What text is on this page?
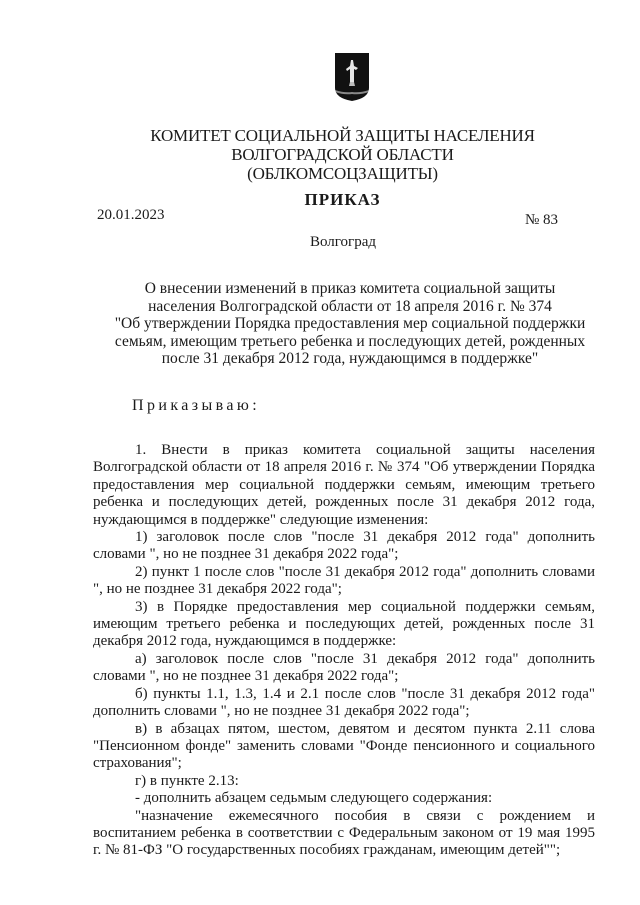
КОМИТЕТ СОЦИАЛЬНОЙ ЗАЩИТЫ НАСЕЛЕНИЯ
ВОЛГОГРАДСКОЙ ОБЛАСТИ
(ОБЛКОМСОЦЗАЩИТЫ)
ПРИКАЗ
20.01.2023	№ 83
Волгоград
О внесении изменений в приказ комитета социальной защиты
населения Волгоградской области от 18 апреля 2016 г. № 374
"Об утверждении Порядка предоставления мер социальной поддержки
семьям, имеющим третьего ребенка и последующих детей, рожденных
после 31 декабря 2012 года, нуждающимся в поддержке"
Приказываю:

1. Внести в приказ комитета социальной защиты населения Волгоградской области от 18 апреля 2016 г. № 374 "Об утверждении Порядка предоставления мер социальной поддержки семьям, имеющим третьего ребенка и последующих детей, рожденных после 31 декабря 2012 года, нуждающимся в поддержке" следующие изменения:

1) заголовок после слов "после 31 декабря 2012 года" дополнить словами ", но не позднее 31 декабря 2022 года";

2) пункт 1 после слов "после 31 декабря 2012 года" дополнить словами ", но не позднее 31 декабря 2022 года";

3) в Порядке предоставления мер социальной поддержки семьям, имеющим третьего ребенка и последующих детей, рожденных после 31 декабря 2012 года, нуждающимся в поддержке:

а) заголовок после слов "после 31 декабря 2012 года" дополнить словами ", но не позднее 31 декабря 2022 года";

б) пункты 1.1, 1.3, 1.4 и 2.1 после слов "после 31 декабря 2012 года" дополнить словами ", но не позднее 31 декабря 2022 года";

в) в абзацах пятом, шестом, девятом и десятом пункта 2.11 слова "Пенсионном фонде" заменить словами "Фонде пенсионного и социального страхования";

г) в пункте 2.13:

- дополнить абзацем седьмым следующего содержания:

"назначение ежемесячного пособия в связи с рождением и воспитанием ребенка в соответствии с Федеральным законом от 19 мая 1995 г. № 81-ФЗ "О государственных пособиях гражданам, имеющим детей"";
